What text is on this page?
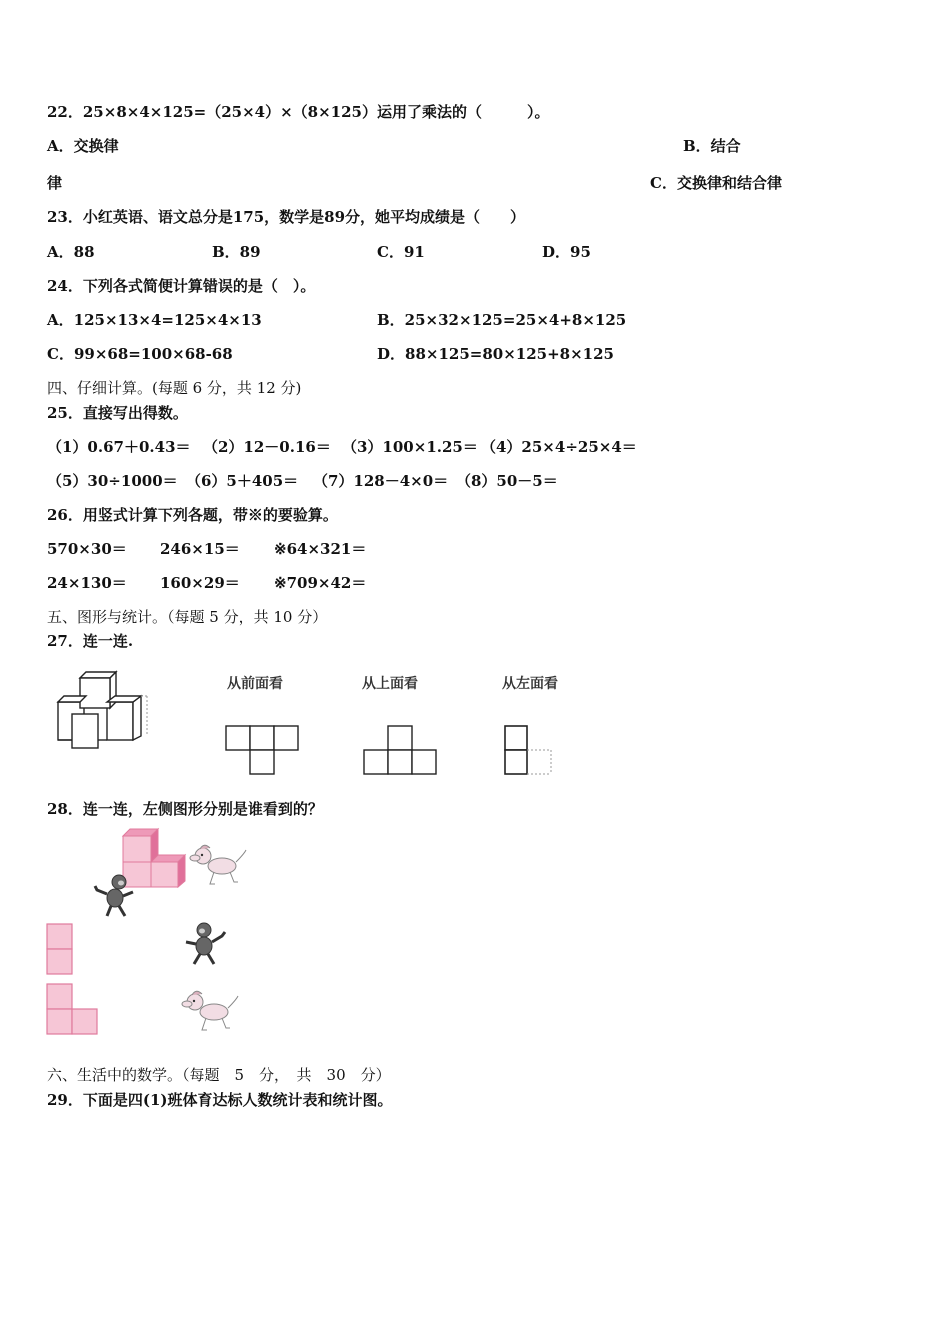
22．25×8×4×125=（25×4）×（8×125）运用了乘法的（　　　）。
A．交换律	B．结合
律	C．交换律和结合律
23．小红英语、语文总分是175，数学是89分，她平均成绩是（　　）
A．88	B．89	C．91	D．95
24．下列各式简便计算错误的是（　）。
A．125×13×4=125×4×13	B．25×32×125=25×4+8×125
C．99×68=100×68-68	D．88×125=80×125+8×125
四、仔细计算。(每题 6 分，共 12 分)
25．直接写出得数。
（1）0.67＋0.43＝ （2）12－0.16＝ （3）100×1.25＝ （4）25×4÷25×4＝
（5）30÷1000＝ （6）5＋405＝ （7）128－4×0＝ （8）50－5＝
26．用竖式计算下列各题，带※的要验算。
570×30＝ 246×15＝ ※64×321＝
24×130＝ 160×29＝ ※709×42＝
五、图形与统计。（每题 5 分，共 10 分）
27．连一连.
从前面看	从上面看	从左面看
28．连一连，左侧图形分别是谁看到的？
六、生活中的数学。（每题　5　分，　共　30　分）
29．下面是四(1)班体育达标人数统计表和统计图。
